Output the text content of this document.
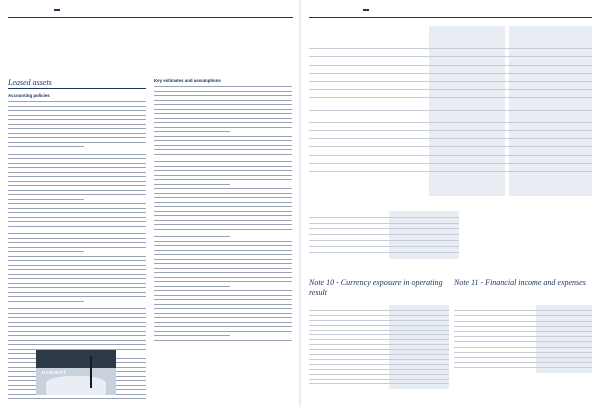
Leased assets
Accounting policies
Key estimates and assumptions
HARVEST
Note 10 - Currency exposure in operating result
Note 11 - Financial income and expenses
